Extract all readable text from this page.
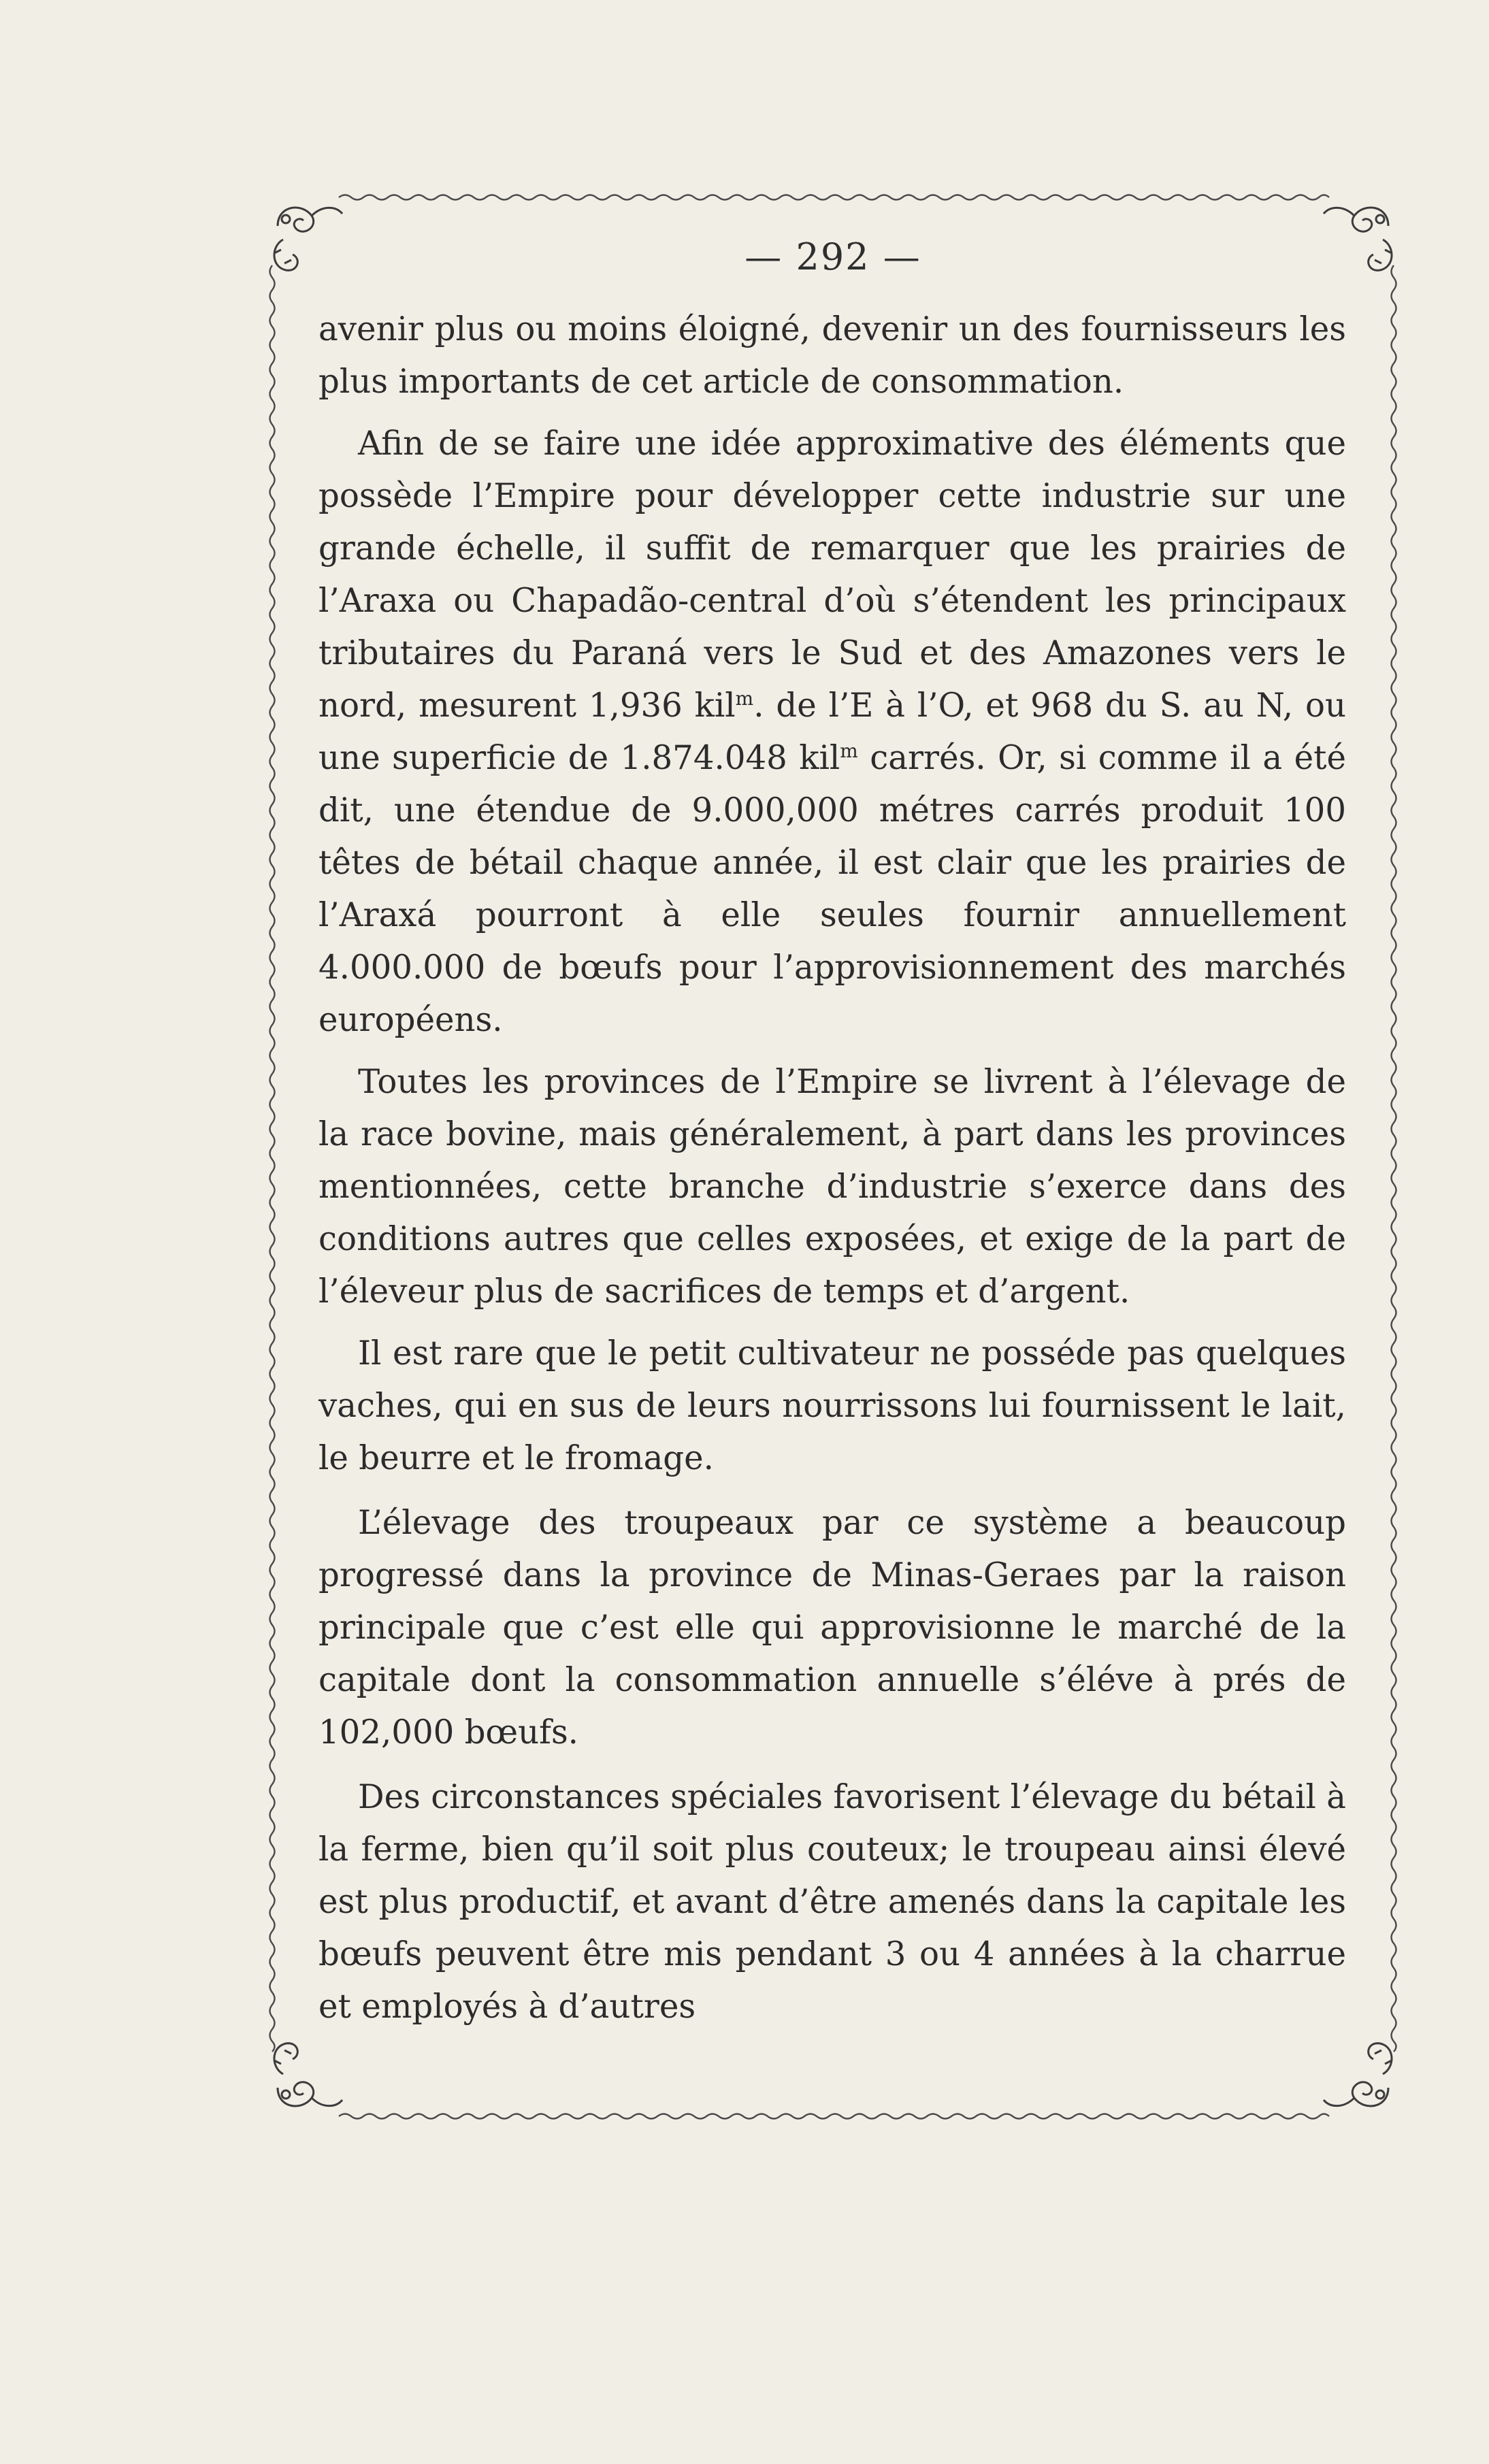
— 292 —

avenir plus ou moins éloigné, devenir un des fournisseurs les plus importants de cet article de consommation.

Afin de se faire une idée approximative des éléments que possède l’Empire pour développer cette industrie sur une grande échelle, il suffit de remarquer que les prairies de l’Araxa ou Chapadão-central d’où s’étendent les principaux tributaires du Paraná vers le Sud et des Amazones vers le nord, mesurent 1,936 kil$^m$. de l’E à l’O, et 968 du S. au N, ou une superficie de 1.874.048 kil$^m$ carrés. Or, si comme il a été dit, une étendue de 9.000,000 métres carrés produit 100 têtes de bétail chaque année, il est clair que les prairies de l’Araxá pourront à elle seules fournir annuellement 4.000.000 de bœufs pour l’approvisionnement des marchés européens.

Toutes les provinces de l’Empire se livrent à l’élevage de la race bovine, mais généralement, à part dans les provinces mentionnées, cette branche d’industrie s’exerce dans des conditions autres que celles exposées, et exige de la part de l’éleveur plus de sacrifices de temps et d’argent.

Il est rare que le petit cultivateur ne posséde pas quelques vaches, qui en sus de leurs nourrissons lui fournissent le lait, le beurre et le fromage.

L’élevage des troupeaux par ce système a beaucoup progressé dans la province de Minas-Geraes par la raison principale que c’est elle qui approvisionne le marché de la capitale dont la consommation annuelle s’éléve à prés de 102,000 bœufs.

Des circonstances spéciales favorisent l’élevage du bétail à la ferme, bien qu’il soit plus couteux; le troupeau ainsi élevé est plus productif, et avant d’être amenés dans la capitale les bœufs peuvent être mis pendant 3 ou 4 années à la charrue et employés à d’autres
